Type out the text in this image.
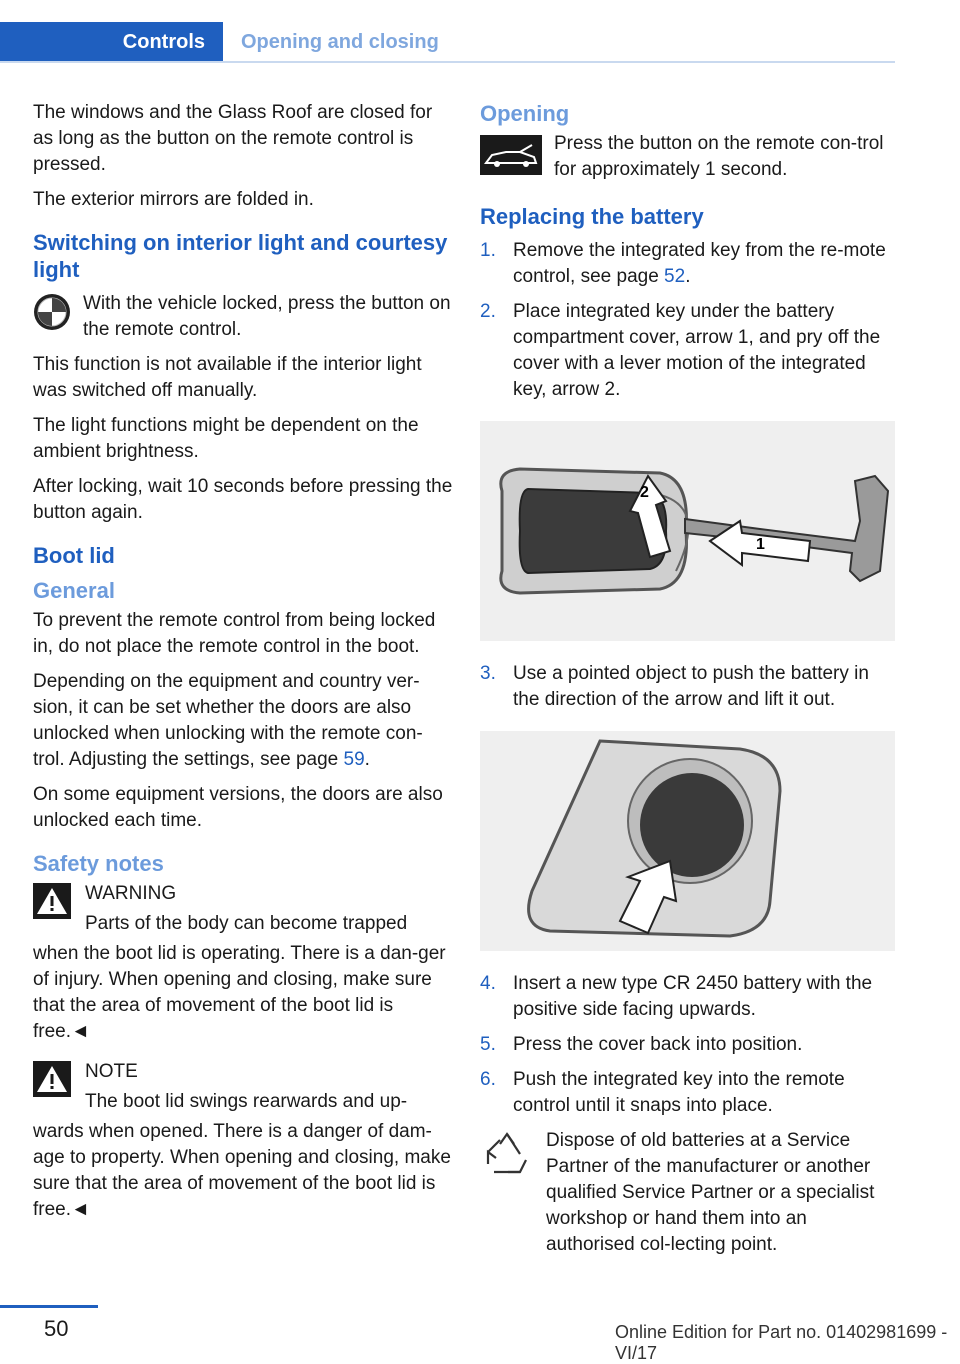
Controls	Opening and closing

The windows and the Glass Roof are closed for as long as the button on the remote control is pressed.

The exterior mirrors are folded in.

Switching on interior light and courtesy light

With the vehicle locked, press the button on the remote control.

This function is not available if the interior light was switched off manually.

The light functions might be dependent on the ambient brightness.

After locking, wait 10 seconds before pressing the button again.

Boot lid
General

To prevent the remote control from being locked in, do not place the remote control in the boot.

Depending on the equipment and country ver‐sion, it can be set whether the doors are also unlocked when unlocking with the remote con‐trol. Adjusting the settings, see page 59.

On some equipment versions, the doors are also unlocked each time.

Safety notes
WARNING
Parts of the body can become trapped

when the boot lid is operating. There is a dan‐ger of injury. When opening and closing, make sure that the area of movement of the boot lid is free.◄

NOTE
The boot lid swings rearwards and up‐

wards when opened. There is a danger of dam‐age to property. When opening and closing, make sure that the area of movement of the boot lid is free.◄

Opening

Press the button on the remote con‐trol for approximately 1 second.

Replacing the battery
1. Remove the integrated key from the re‐mote control, see page 52.
2. Place integrated key under the battery compartment cover, arrow 1, and pry off the cover with a lever motion of the integrated key, arrow 2.
1
2
3. Use a pointed object to push the battery in the direction of the arrow and lift it out.
4. Insert a new type CR 2450 battery with the positive side facing upwards.
5. Press the cover back into position.
6. Push the integrated key into the remote control until it snaps into place.

Dispose of old batteries at a Service Partner of the manufacturer or another qualified Service Partner or a specialist workshop or hand them into an authorised col‐lecting point.

50	Online Edition for Part no. 01402981699 - VI/17
